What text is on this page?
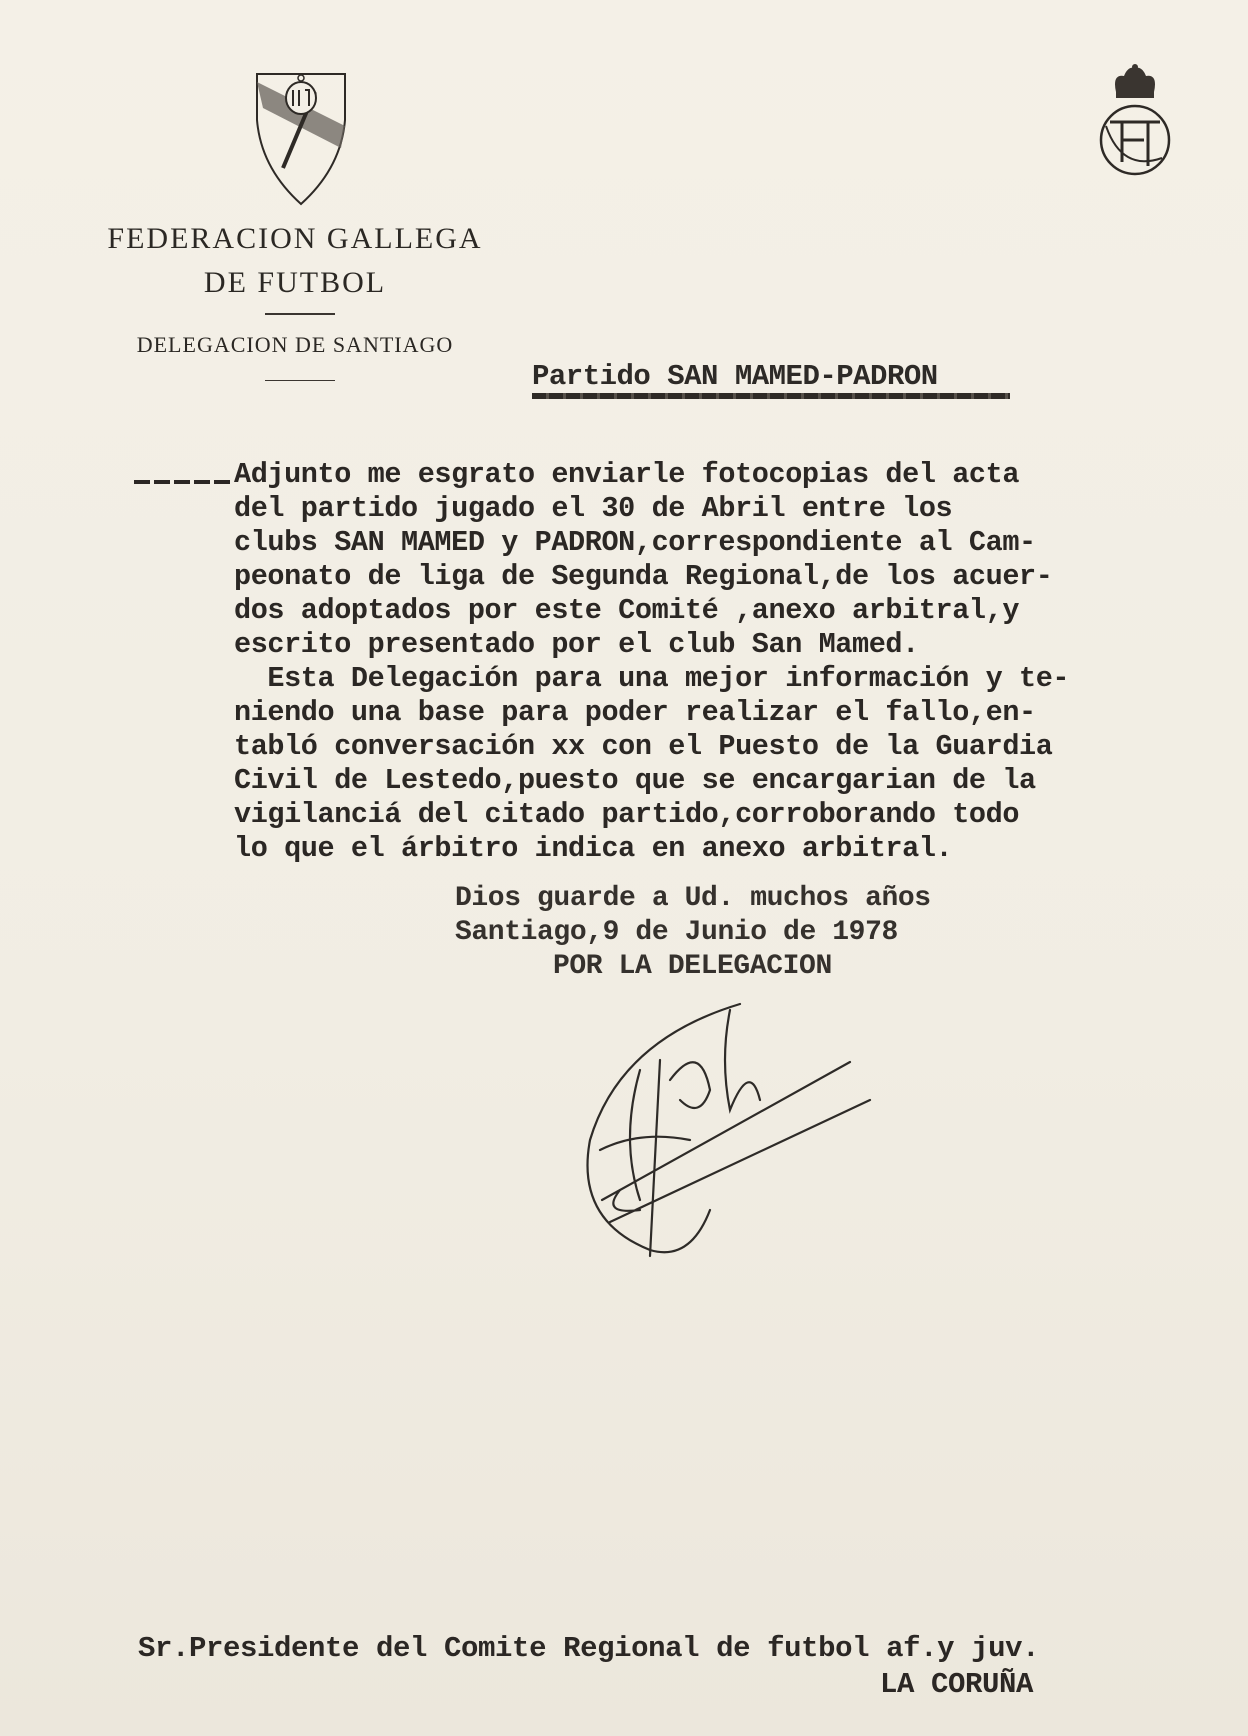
FEDERACION GALLEGA
DE FUTBOL
DELEGACION DE SANTIAGO
Partido SAN MAMED-PADRON
Adjunto me esgrato enviarle fotocopias del acta
del partido jugado el 30 de Abril entre los
clubs SAN MAMED y PADRON,correspondiente al Cam-
peonato de liga de Segunda Regional,de los acuer-
dos adoptados por este Comité ,anexo arbitral,y
escrito presentado por el club San Mamed.
Esta Delegación para una mejor información y te-
niendo una base para poder realizar el fallo,en-
tabló conversación xx con el Puesto de la Guardia
Civil de Lestedo,puesto que se encargarian de la
vigilanciá del citado partido,corroborando todo
lo que el árbitro indica en anexo arbitral.
Dios guarde a Ud. muchos años
Santiago,9 de Junio de 1978
POR LA DELEGACION
Sr.Presidente del Comite Regional de futbol af.y juv.
LA CORUÑA
